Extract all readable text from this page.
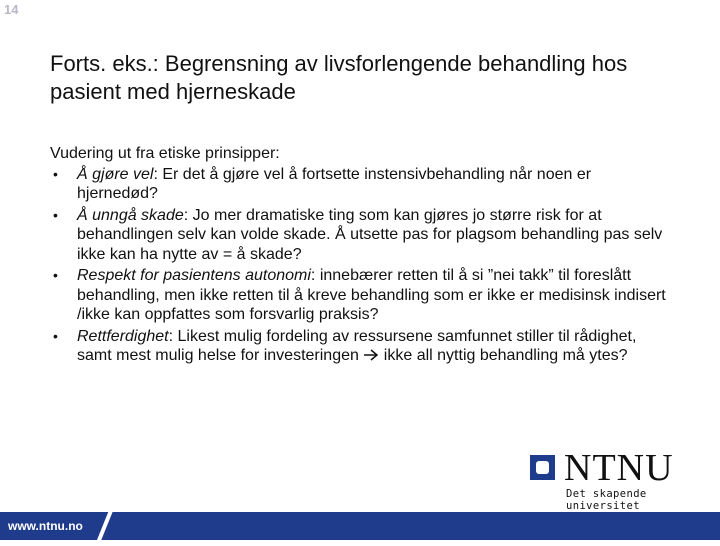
14
Forts. eks.: Begrensning av livsforlengende behandling hos pasient med hjerneskade
Vudering ut fra etiske prinsipper:
• Å gjøre vel: Er det å gjøre vel å fortsette instensivbehandling når noen er hjernedød?
• Å unngå skade: Jo mer dramatiske ting som kan gjøres jo større risk for at behandlingen selv kan volde skade. Å utsette pas for plagsom behandling pas selv ikke kan ha nytte av = å skade?
• Respekt for pasientens autonomi: innebærer retten til å si ”nei takk” til foreslått behandling, men ikke retten til å kreve behandling som er ikke er medisinsk indisert /ikke kan oppfattes som forsvarlig praksis?
• Rettferdighet: Likest mulig fordeling av ressursene samfunnet stiller til rådighet, samt mest mulig helse for investeringen  ikke all nyttig behandling må ytes?
NTNU
Det skapende universitet
www.ntnu.no
